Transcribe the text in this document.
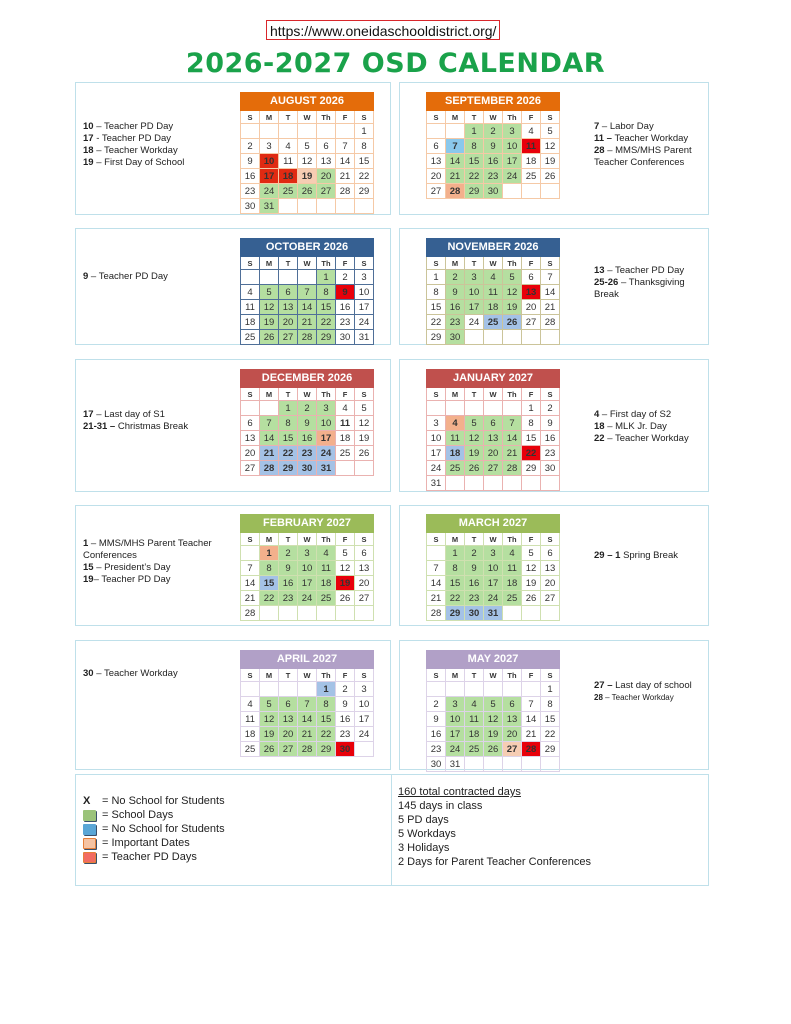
https://www.oneidaschooldistrict.org/
2026-2027 OSD CALENDAR
10 – Teacher PD Day
17 - Teacher PD Day
18 – Teacher Workday
19 – First Day of School
7 – Labor Day
11 – Teacher Workday
28 – MMS/MHS Parent Teacher Conferences
9 – Teacher PD Day
13 – Teacher PD Day
25-26 – Thanksgiving Break
17 – Last day of S1
21-31 – Christmas Break
4 – First day of S2
18 – MLK Jr. Day
22 – Teacher Workday
1 – MMS/MHS Parent Teacher Conferences
15 – President’s Day
19– Teacher PD Day
29 – 1 Spring Break
30 – Teacher Workday
27 – Last day of school
28 – Teacher Workday
AUGUST 2026						
S	M	T	W	Th	F	S
						1
2	3	4	5	6	7	8
9	10	11	12	13	14	15
16	17	18	19	20	21	22
23	24	25	26	27	28	29
30	31					
SEPTEMBER 2026						
S	M	T	W	Th	F	S
		1	2	3	4	5
6	7	8	9	10	11	12
13	14	15	16	17	18	19
20	21	22	23	24	25	26
27	28	29	30			
OCTOBER 2026						
S	M	T	W	Th	F	S
				1	2	3
4	5	6	7	8	9	10
11	12	13	14	15	16	17
18	19	20	21	22	23	24
25	26	27	28	29	30	31
NOVEMBER 2026						
S	M	T	W	Th	F	S
1	2	3	4	5	6	7
8	9	10	11	12	13	14
15	16	17	18	19	20	21
22	23	24	25	26	27	28
29	30					
DECEMBER 2026						
S	M	T	W	Th	F	S
		1	2	3	4	5
6	7	8	9	10	11	12
13	14	15	16	17	18	19
20	21	22	23	24	25	26
27	28	29	30	31		
JANUARY 2027						
S	M	T	W	Th	F	S
					1	2
3	4	5	6	7	8	9
10	11	12	13	14	15	16
17	18	19	20	21	22	23
24	25	26	27	28	29	30
31						
FEBRUARY 2027						
S	M	T	W	Th	F	S
	1	2	3	4	5	6
7	8	9	10	11	12	13
14	15	16	17	18	19	20
21	22	23	24	25	26	27
28						
MARCH 2027						
S	M	T	W	Th	F	S
	1	2	3	4	5	6
7	8	9	10	11	12	13
14	15	16	17	18	19	20
21	22	23	24	25	26	27
28	29	30	31			
APRIL 2027						
S	M	T	W	Th	F	S
				1	2	3
4	5	6	7	8	9	10
11	12	13	14	15	16	17
18	19	20	21	22	23	24
25	26	27	28	29	30	
MAY 2027						
S	M	T	W	Th	F	S
						1
2	3	4	5	6	7	8
9	10	11	12	13	14	15
16	17	18	19	20	21	22
23	24	25	26	27	28	29
30	31					
X	= No School for Students
= School Days
= No School for Students
= Important Dates
= Teacher PD Days
160 total contracted days
145 days in class
5 PD days
5 Workdays
3 Holidays
2 Days for Parent Teacher Conferences
